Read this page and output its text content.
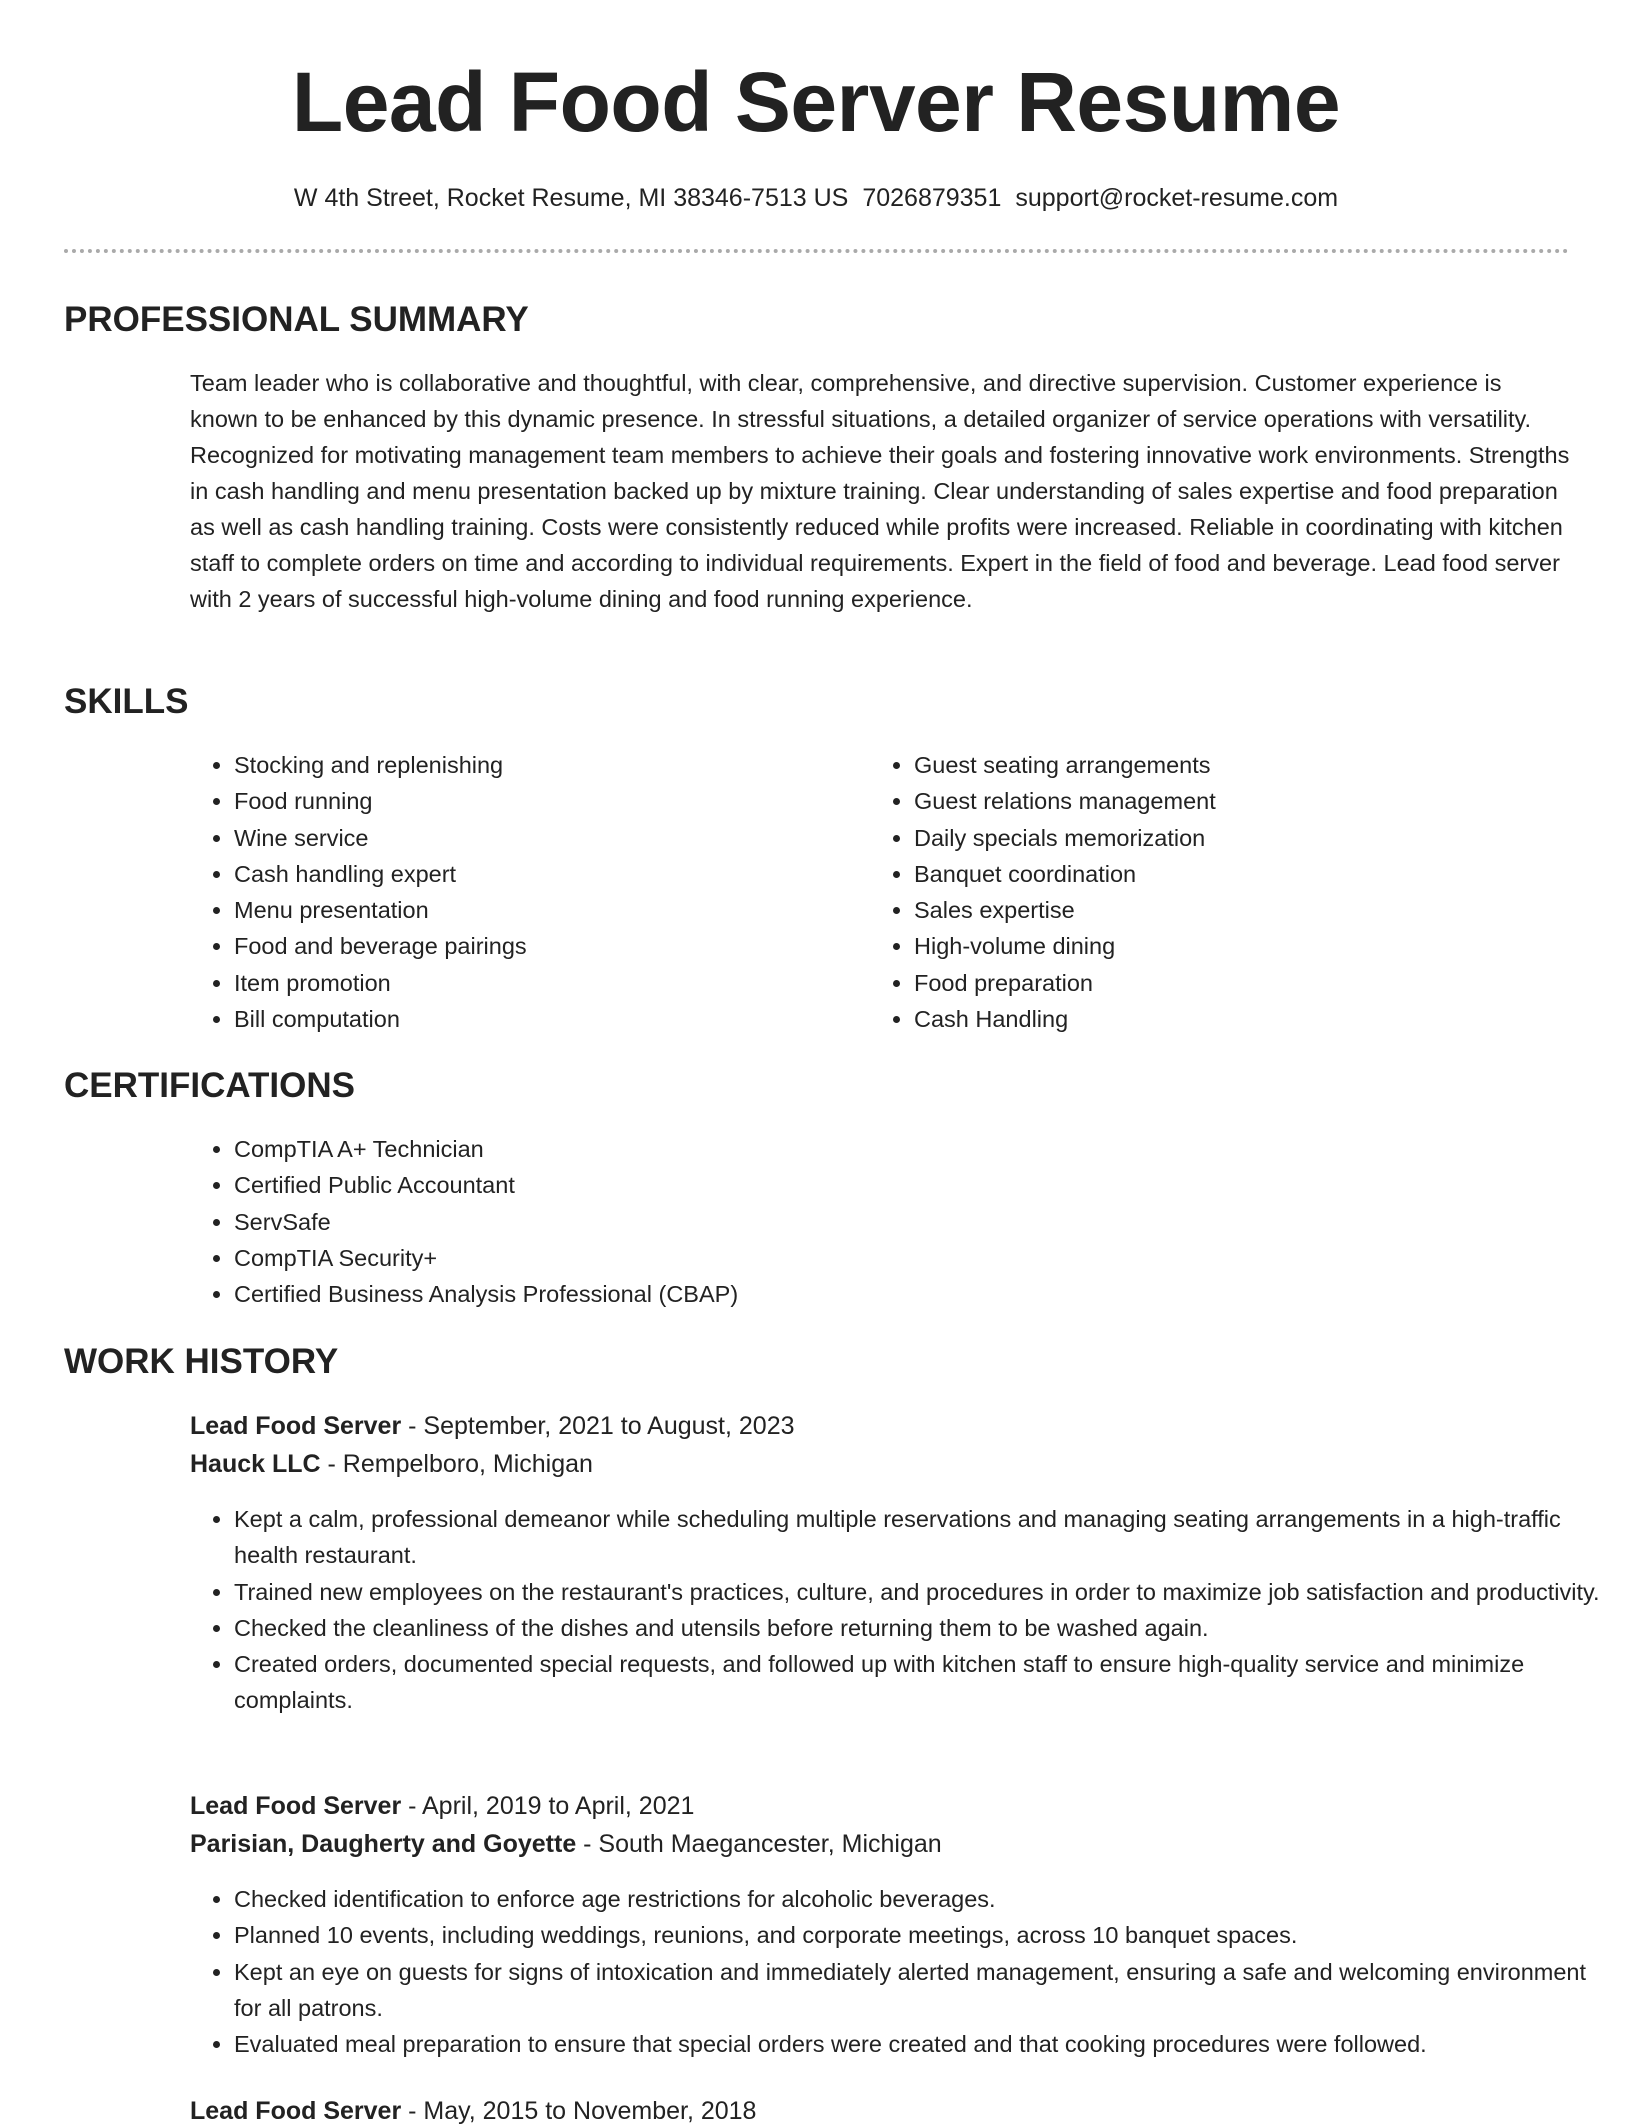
Lead Food Server Resume
W 4th Street, Rocket Resume, MI 38346-7513 US 7026879351 support@rocket-resume.com
PROFESSIONAL SUMMARY

Team leader who is collaborative and thoughtful, with clear, comprehensive, and directive supervision. Customer experience is known to be enhanced by this dynamic presence. In stressful situations, a detailed organizer of service operations with versatility. Recognized for motivating management team members to achieve their goals and fostering innovative work environments. Strengths in cash handling and menu presentation backed up by mixture training. Clear understanding of sales expertise and food preparation as well as cash handling training. Costs were consistently reduced while profits were increased. Reliable in coordinating with kitchen staff to complete orders on time and according to individual requirements. Expert in the field of food and beverage. Lead food server with 2 years of successful high-volume dining and food running experience.

SKILLS
• Stocking and replenishing
• Food running
• Wine service
• Cash handling expert
• Menu presentation
• Food and beverage pairings
• Item promotion
• Bill computation
• Guest seating arrangements
• Guest relations management
• Daily specials memorization
• Banquet coordination
• Sales expertise
• High-volume dining
• Food preparation
• Cash Handling
CERTIFICATIONS
• CompTIA A+ Technician
• Certified Public Accountant
• ServSafe
• CompTIA Security+
• Certified Business Analysis Professional (CBAP)
WORK HISTORY
Lead Food Server - September, 2021 to August, 2023
Hauck LLC - Rempelboro, Michigan
• Kept a calm, professional demeanor while scheduling multiple reservations and managing seating arrangements in a high-traffic health restaurant.
• Trained new employees on the restaurant's practices, culture, and procedures in order to maximize job satisfaction and productivity.
• Checked the cleanliness of the dishes and utensils before returning them to be washed again.
• Created orders, documented special requests, and followed up with kitchen staff to ensure high-quality service and minimize complaints.
Lead Food Server - April, 2019 to April, 2021
Parisian, Daugherty and Goyette - South Maegancester, Michigan
• Checked identification to enforce age restrictions for alcoholic beverages.
• Planned 10 events, including weddings, reunions, and corporate meetings, across 10 banquet spaces.
• Kept an eye on guests for signs of intoxication and immediately alerted management, ensuring a safe and welcoming environment for all patrons.
• Evaluated meal preparation to ensure that special orders were created and that cooking procedures were followed.
Lead Food Server - May, 2015 to November, 2018
